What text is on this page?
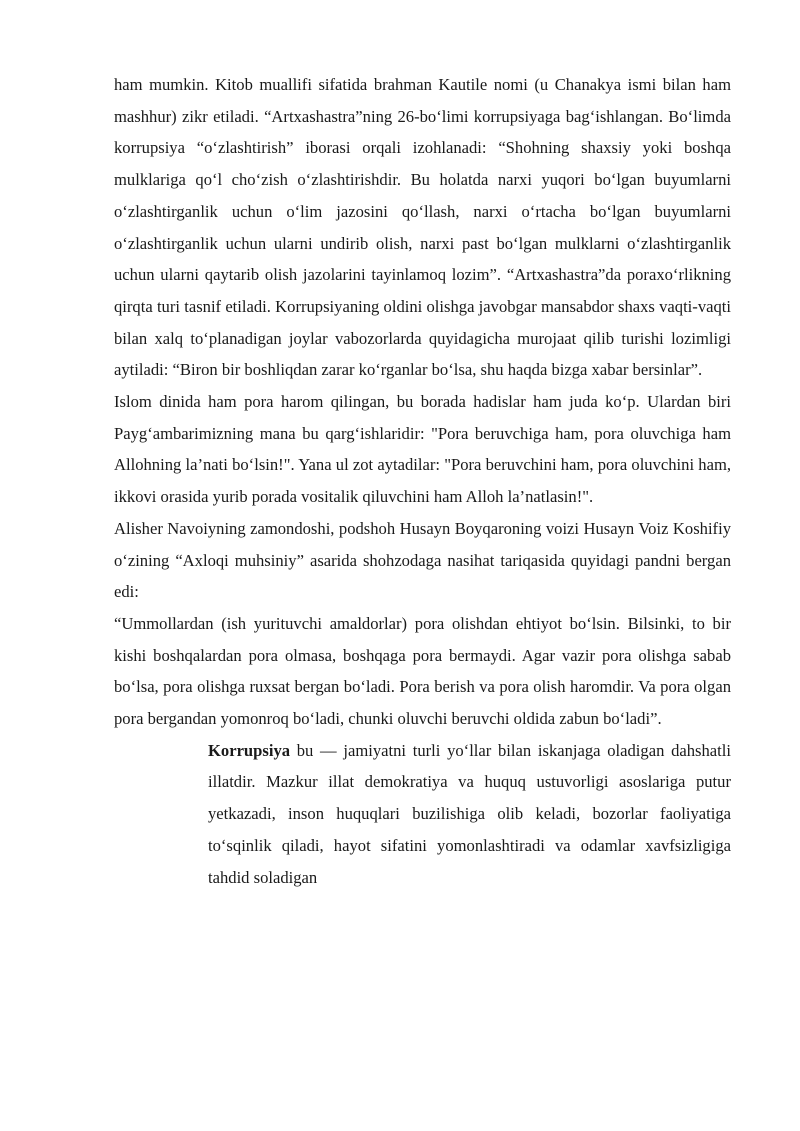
ham mumkin. Kitob muallifi sifatida brahman Kautile nomi (u Chanakya ismi bilan ham mashhur) zikr etiladi. “Artxashastra”ning 26-bo‘limi korrupsiyaga bag‘ishlangan. Bo‘limda korrupsiya “o‘zlashtirish” iborasi orqali izohlanadi: “Shohning shaxsiy yoki boshqa mulklariga qo‘l cho‘zish o‘zlashtirishdir. Bu holatda narxi yuqori bo‘lgan buyumlarni o‘zlashtirganlik uchun o‘lim jazosini qo‘llash, narxi o‘rtacha bo‘lgan buyumlarni o‘zlashtirganlik uchun ularni undirib olish, narxi past bo‘lgan mulklarni o‘zlashtirganlik uchun ularni qaytarib olish jazolarini tayinlamoq lozim”. “Artxashastra”da poraxo‘rlikning qirqta turi tasnif etiladi. Korrupsiyaning oldini olishga javobgar mansabdor shaxs vaqti-vaqti bilan xalq to‘planadigan joylar vabozorlarda quyidagicha murojaat qilib turishi lozimligi aytiladi: “Biron bir boshliqdan zarar ko‘rganlar bo‘lsa, shu haqda bizga xabar bersinlar”.

Islom dinida ham pora harom qilingan, bu borada hadislar ham juda ko‘p. Ulardan biri Payg‘ambarimizning mana bu qarg‘ishlaridir: "Pora beruvchiga ham, pora oluvchiga ham Allohning la’nati bo‘lsin!". Yana ul zot aytadilar: "Pora beruvchini ham, pora oluvchini ham, ikkovi orasida yurib porada vositalik qiluvchini ham Alloh la’natlasin!".

Alisher Navoiyning zamondoshi, podshoh Husayn Boyqaroning voizi Husayn Voiz Koshifiy o‘zining “Axloqi muhsiniy” asarida shohzodaga nasihat tariqasida quyidagi pandni bergan edi:

“Ummollardan (ish yurituvchi amaldorlar) pora olishdan ehtiyot bo‘lsin. Bilsinki, to bir kishi boshqalardan pora olmasa, boshqaga pora bermaydi. Agar vazir pora olishga sabab bo‘lsa, pora olishga ruxsat bergan bo‘ladi. Pora berish va pora olish haromdir. Va pora olgan pora bergandan yomonroq bo‘ladi, chunki oluvchi beruvchi oldida zabun bo‘ladi”.

Korrupsiya bu — jamiyatni turli yo‘llar bilan iskanjaga oladigan dahshatli illatdir. Mazkur illat demokratiya va huquq ustuvorligi asoslariga putur yetkazadi, inson huquqlari buzilishiga olib keladi, bozorlar faoliyatiga to‘sqinlik qiladi, hayot sifatini yomonlashtiradi va odamlar xavfsizligiga tahdid soladigan
